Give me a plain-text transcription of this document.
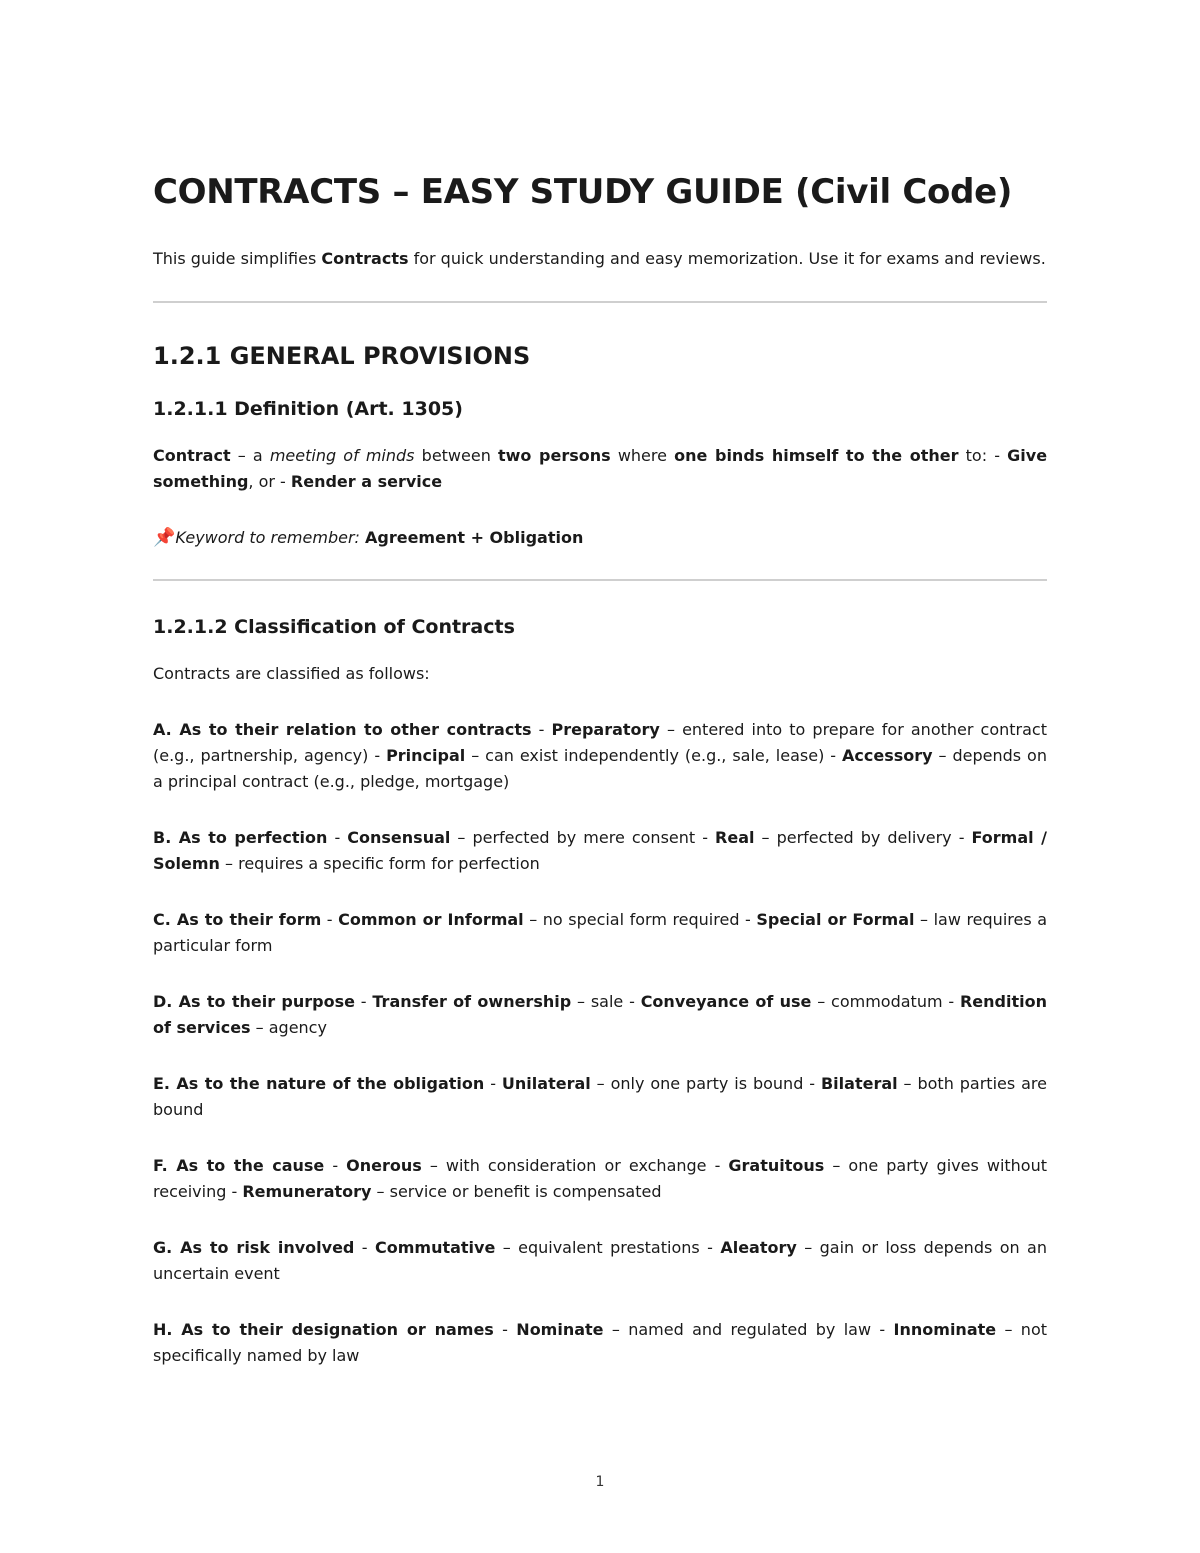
CONTRACTS – EASY STUDY GUIDE (Civil Code)

This guide simplifies Contracts for quick understanding and easy memorization. Use it for exams and reviews.

1.2.1 GENERAL PROVISIONS
1.2.1.1 Definition (Art. 1305)

Contract – a meeting of minds between two persons where one binds himself to the other to: - Give something, or - Render a service

📌Keyword to remember: Agreement + Obligation

1.2.1.2 Classification of Contracts

Contracts are classified as follows:

A. As to their relation to other contracts - Preparatory – entered into to prepare for another contract (e.g., partnership, agency) - Principal – can exist independently (e.g., sale, lease) - Accessory – depends on a principal contract (e.g., pledge, mortgage)

B. As to perfection - Consensual – perfected by mere consent - Real – perfected by delivery - Formal / Solemn – requires a specific form for perfection

C. As to their form - Common or Informal – no special form required - Special or Formal – law requires a particular form

D. As to their purpose - Transfer of ownership – sale - Conveyance of use – commodatum - Rendition of services – agency

E. As to the nature of the obligation - Unilateral – only one party is bound - Bilateral – both parties are bound

F. As to the cause - Onerous – with consideration or exchange - Gratuitous – one party gives without receiving - Remuneratory – service or benefit is compensated

G. As to risk involved - Commutative – equivalent prestations - Aleatory – gain or loss depends on an uncertain event

H. As to their designation or names - Nominate – named and regulated by law - Innominate – not specifically named by law

1
